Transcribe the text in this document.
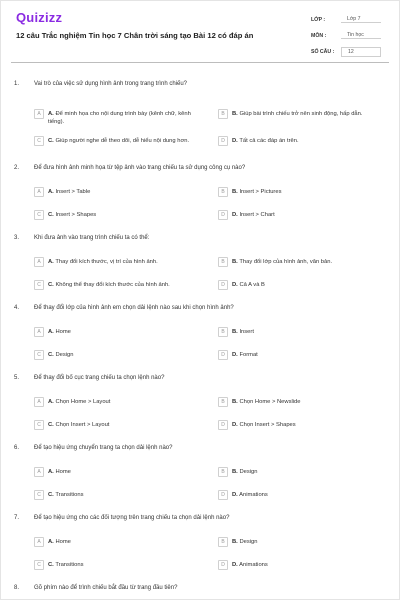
Quizizz
12 câu Trắc nghiệm Tin học 7 Chân trời sáng tạo Bài 12 có đáp án
LỚP :	Lớp 7
MÔN :	Tin học
SỐ CÂU :	12
1. Vai trò của việc sử dụng hình ảnh trong trang trình chiếu?
A	A. Để minh họa cho nội dung trình bày (kênh chữ, kênh tiếng).
B	B. Giúp bài trình chiếu trở nên sinh động, hấp dẫn.
C	C. Giúp người nghe dễ theo dõi, dễ hiểu nội dung hơn.	D	D. Tất cả các đáp án trên.
2. Để đưa hình ảnh minh họa từ tệp ảnh vào trang chiếu ta sử dụng công cụ nào?
A	A. Insert > Table	B	B. Insert > Pictures
C	C. Insert > Shapes	D	D. Insert > Chart
3. Khi đưa ảnh vào trang trình chiếu ta có thể:
A	A. Thay đổi kích thước, vị trí của hình ảnh.	B	B. Thay đổi lớp của hình ảnh, văn bản.
C	C. Không thể thay đổi kích thước của hình ảnh.	D	D. Cả A và B
4. Để thay đổi lớp của hình ảnh em chọn dải lệnh nào sau khi chọn hình ảnh?
A	A. Home	B	B. Insert
C	C. Design	D	D. Format
5. Để thay đổi bố cục trang chiếu ta chọn lệnh nào?
A	A. Chọn Home > Layout	B	B. Chọn Home > Newslide
C	C. Chọn Insert > Layout	D	D. Chọn Insert > Shapes
6. Để tạo hiệu ứng chuyển trang ta chọn dải lệnh nào?
A	A. Home	B	B. Design
C	C. Transitions	D	D. Animations
7. Để tạo hiệu ứng cho các đối tượng trên trang chiếu ta chọn dải lệnh nào?
A	A. Home	B	B. Design
C	C. Transitions	D	D. Animations
8. Gõ phím nào để trình chiếu bắt đầu từ trang đầu tiên?
